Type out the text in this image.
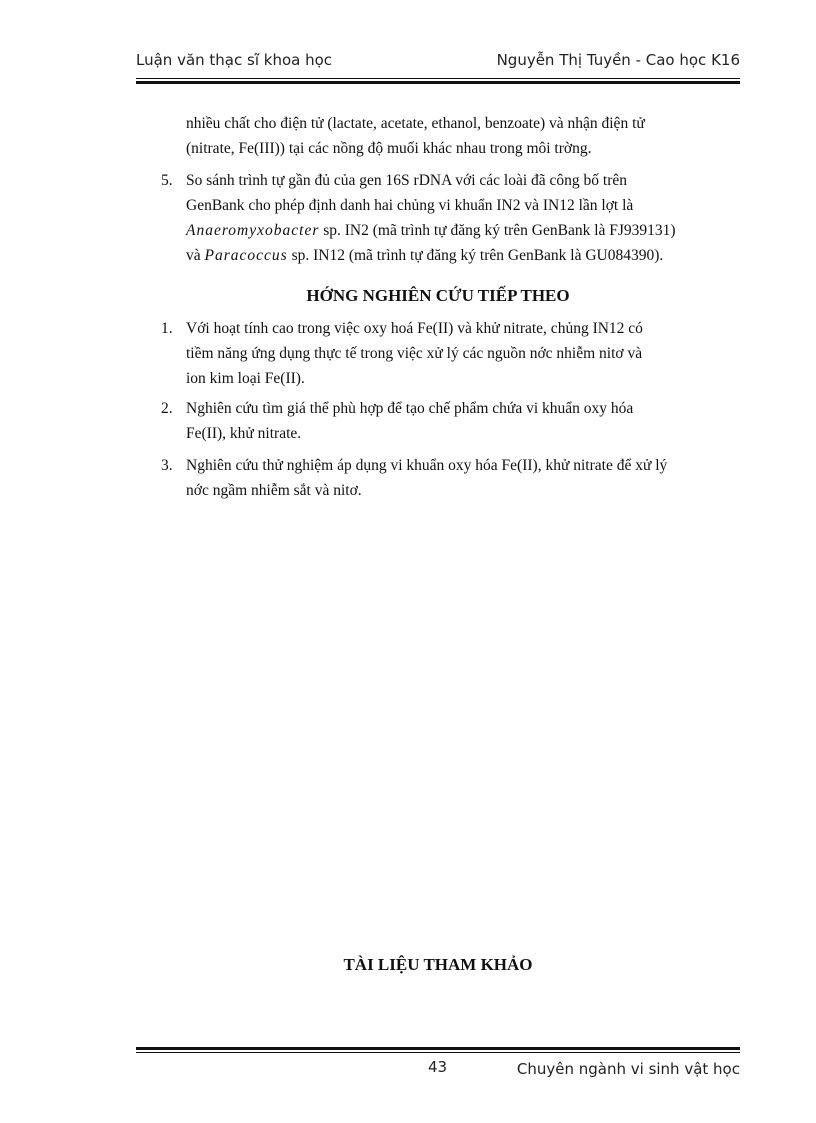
Luận văn thạc sĩ khoa học	Nguyễn Thị Tuyền - Cao học K16
nhiều chất cho điện tử (lactate, acetate, ethanol, benzoate) và nhận điện tử
(nitrate, Fe(III)) tại các nồng độ muối khác nhau trong môi trờng.
5. So sánh trình tự gần đủ của gen 16S rDNA với các loài đã công bố trên
GenBank cho phép định danh hai chủng vi khuẩn IN2 và IN12 lần lợt là
Anaeromyxobacter sp. IN2 (mã trình tự đăng ký trên GenBank là FJ939131)
và Paracoccus sp. IN12 (mã trình tự đăng ký trên GenBank là GU084390).
HỚNG NGHIÊN CỨU TIẾP THEO
1. Với hoạt tính cao trong việc oxy hoá Fe(II) và khử nitrate, chủng IN12 có
tiềm năng ứng dụng thực tế trong việc xử lý các nguồn nớc nhiễm nitơ và
ion kim loại Fe(II).
2. Nghiên cứu tìm giá thể phù hợp để tạo chế phẩm chứa vi khuẩn oxy hóa
Fe(II), khử nitrate.
3. Nghiên cứu thử nghiệm áp dụng vi khuẩn oxy hóa Fe(II), khử nitrate để xử lý
nớc ngầm nhiễm sắt và nitơ.
TÀI LIỆU THAM KHẢO
43	Chuyên ngành vi sinh vật học
